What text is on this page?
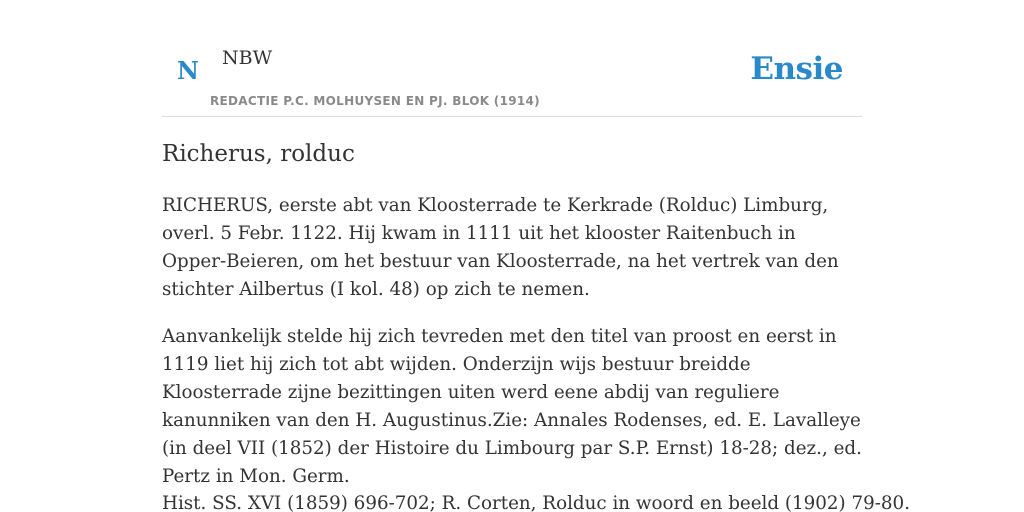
N NBW
REDACTIE P.C. MOLHUYSEN EN PJ. BLOK (1914)
Ensie
Richerus, rolduc

RICHERUS, eerste abt van Kloosterrade te Kerkrade (Rolduc) Limburg, overl. 5 Febr. 1122. Hij kwam in 1111 uit het klooster Raitenbuch in Opper-Beieren, om het bestuur van Kloosterrade, na het vertrek van den stichter Ailbertus (I kol. 48) op zich te nemen.

Aanvankelijk stelde hij zich tevreden met den titel van proost en eerst in 1119 liet hij zich tot abt wijden. Onderzijn wijs bestuur breidde Kloosterrade zijne bezittingen uiten werd eene abdij van reguliere kanunniken van den H. Augustinus.Zie: Annales Rodenses, ed. E. Lavalleye (in deel VII (1852) der Histoire du Limbourg par S.P. Ernst) 18-28; dez., ed. Pertz in Mon. Germ.

Hist. SS. XVI (1859) 696-702; R. Corten, Rolduc in woord en beeld (1902) 79-80.
